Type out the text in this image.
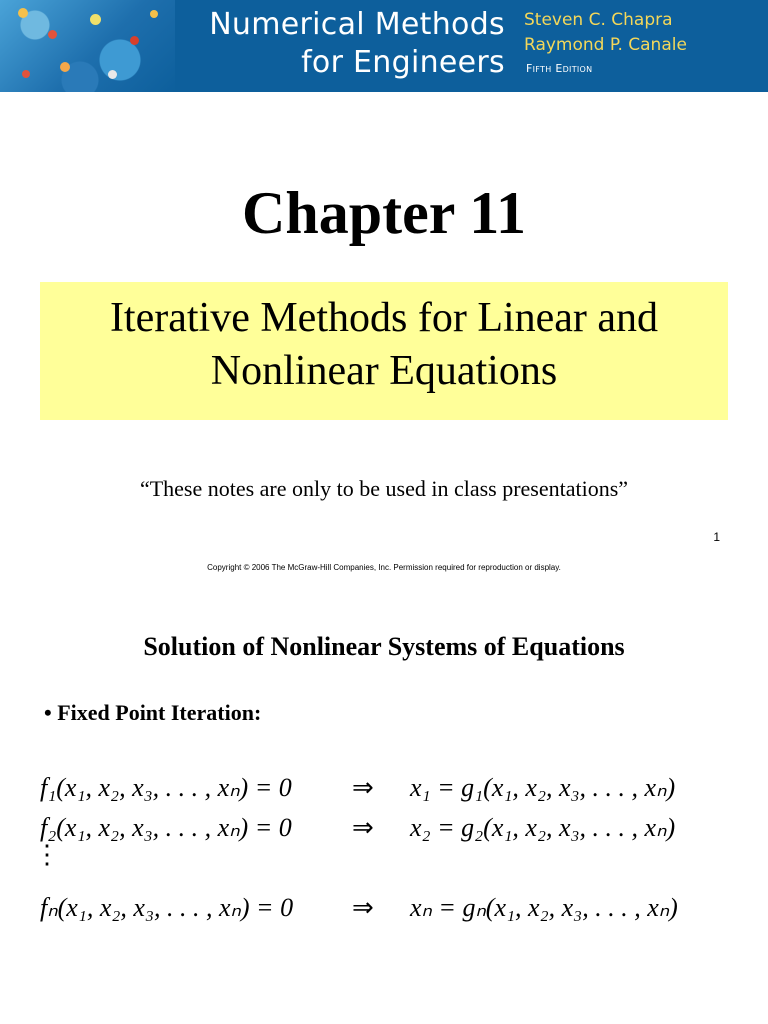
Numerical Methods
for Engineers
Steven C. Chapra
Raymond P. Canale
Fifth Edition
Chapter 11
Iterative Methods for Linear and
Nonlinear Equations
“These notes are only to be used in class presentations”
1
Copyright © 2006 The McGraw-Hill Companies, Inc. Permission required for reproduction or display.
Solution of Nonlinear Systems of Equations
• Fixed Point Iteration:
f₁(x₁, x₂, x₃, . . . , xₙ) = 0 ⇒ x₁ = g₁(x₁, x₂, x₃, . . . , xₙ)
f₂(x₁, x₂, x₃, . . . , xₙ) = 0 ⇒ x₂ = g₂(x₁, x₂, x₃, . . . , xₙ)
⋮
fₙ(x₁, x₂, x₃, . . . , xₙ) = 0 ⇒ xₙ = gₙ(x₁, x₂, x₃, . . . , xₙ)
